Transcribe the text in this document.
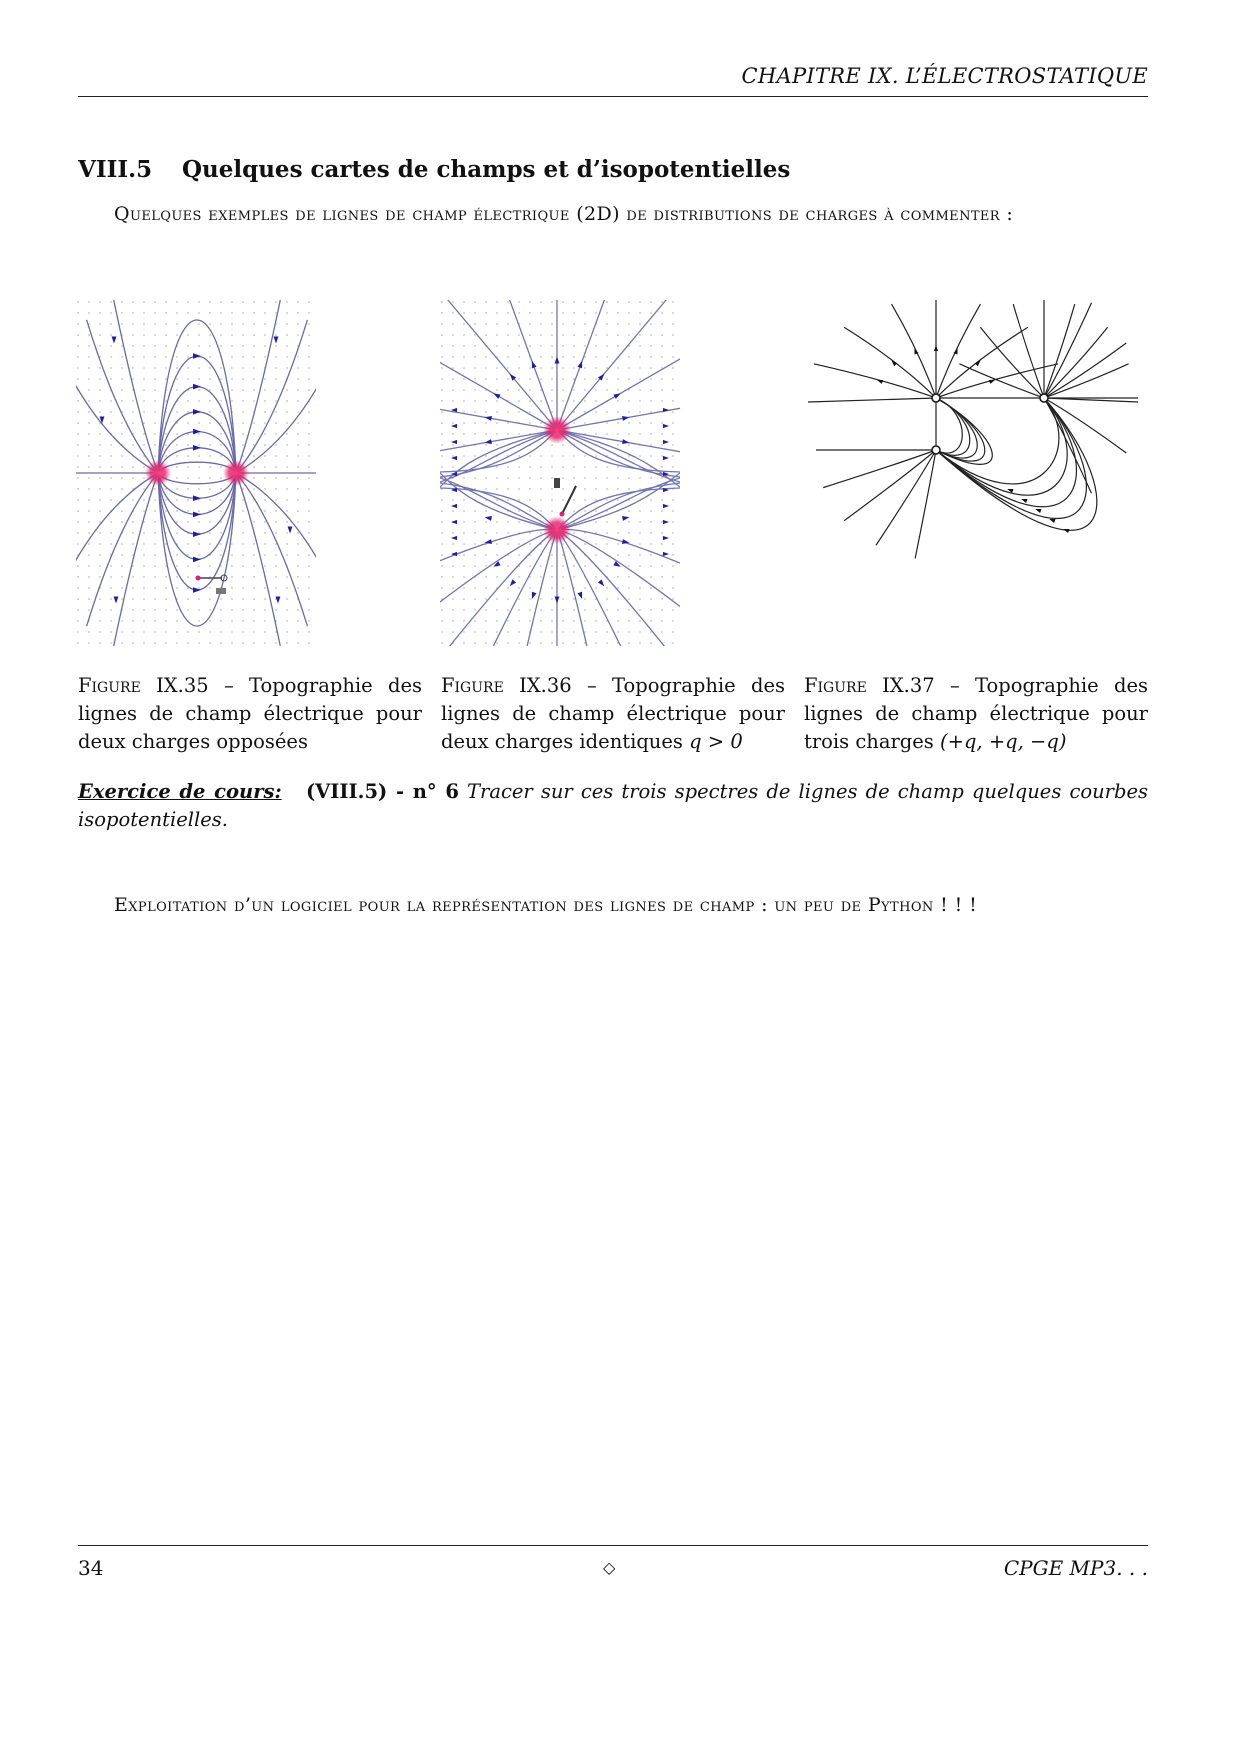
CHAPITRE IX. L’ÉLECTROSTATIQUE
VIII.5 Quelques cartes de champs et d’isopotentielles
Quelques exemples de lignes de champ électrique (2D) de distributions de charges à commenter :
Figure IX.35 – Topographie des lignes de champ électrique pour deux charges opposées
Figure IX.36 – Topographie des lignes de champ électrique pour deux charges identiques q > 0
Figure IX.37 – Topographie des lignes de champ électrique pour trois charges (+q, +q, −q)
Exercice de cours: (VIII.5) - n° 6 Tracer sur ces trois spectres de lignes de champ quelques courbes isopotentielles.
Exploitation d’un logiciel pour la représentation des lignes de champ : un peu de Python ! ! !
34	◇	CPGE MP3. . .
